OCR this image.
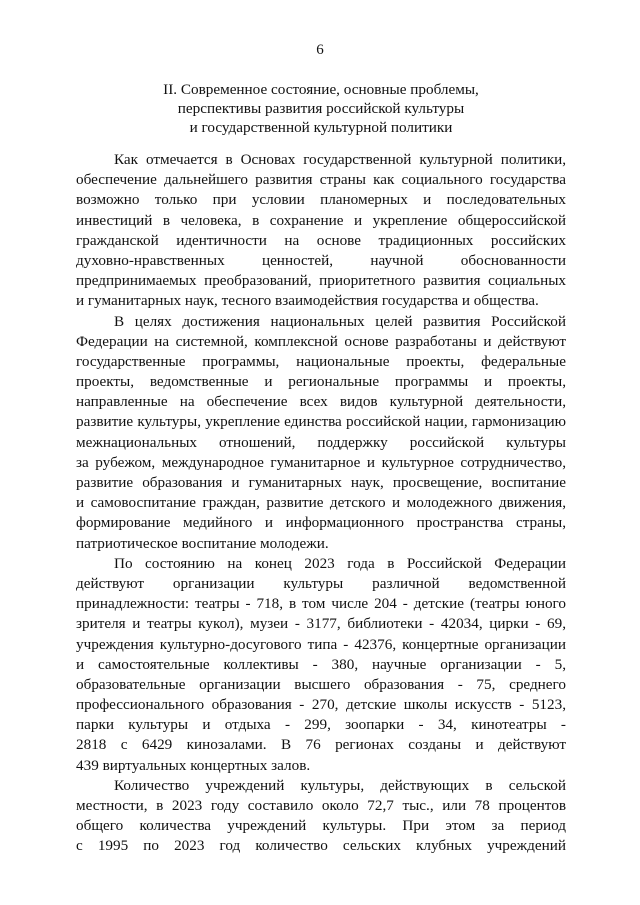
6
II. Современное состояние, основные проблемы,
перспективы развития российской культуры
и государственной культурной политики
Как отмечается в Основах государственной культурной политики,
обеспечение дальнейшего развития страны как социального государства
возможно только при условии планомерных и последовательных
инвестиций в человека, в сохранение и укрепление общероссийской
гражданской идентичности на основе традиционных российских
духовно-нравственных ценностей, научной обоснованности
предпринимаемых преобразований, приоритетного развития социальных
и гуманитарных наук, тесного взаимодействия государства и общества.
В целях достижения национальных целей развития Российской
Федерации на системной, комплексной основе разработаны и действуют
государственные программы, национальные проекты, федеральные
проекты, ведомственные и региональные программы и проекты,
направленные на обеспечение всех видов культурной деятельности,
развитие культуры, укрепление единства российской нации, гармонизацию
межнациональных отношений, поддержку российской культуры
за рубежом, международное гуманитарное и культурное сотрудничество,
развитие образования и гуманитарных наук, просвещение, воспитание
и самовоспитание граждан, развитие детского и молодежного движения,
формирование медийного и информационного пространства страны,
патриотическое воспитание молодежи.
По состоянию на конец 2023 года в Российской Федерации
действуют организации культуры различной ведомственной
принадлежности: театры - 718, в том числе 204 - детские (театры юного
зрителя и театры кукол), музеи - 3177, библиотеки - 42034, цирки - 69,
учреждения культурно-досугового типа - 42376, концертные организации
и самостоятельные коллективы - 380, научные организации - 5,
образовательные организации высшего образования - 75, среднего
профессионального образования - 270, детские школы искусств - 5123,
парки культуры и отдыха - 299, зоопарки - 34, кинотеатры -
2818 с 6429 кинозалами. В 76 регионах созданы и действуют
439 виртуальных концертных залов.
Количество учреждений культуры, действующих в сельской
местности, в 2023 году составило около 72,7 тыс., или 78 процентов
общего количества учреждений культуры. При этом за период
с 1995 по 2023 год количество сельских клубных учреждений
